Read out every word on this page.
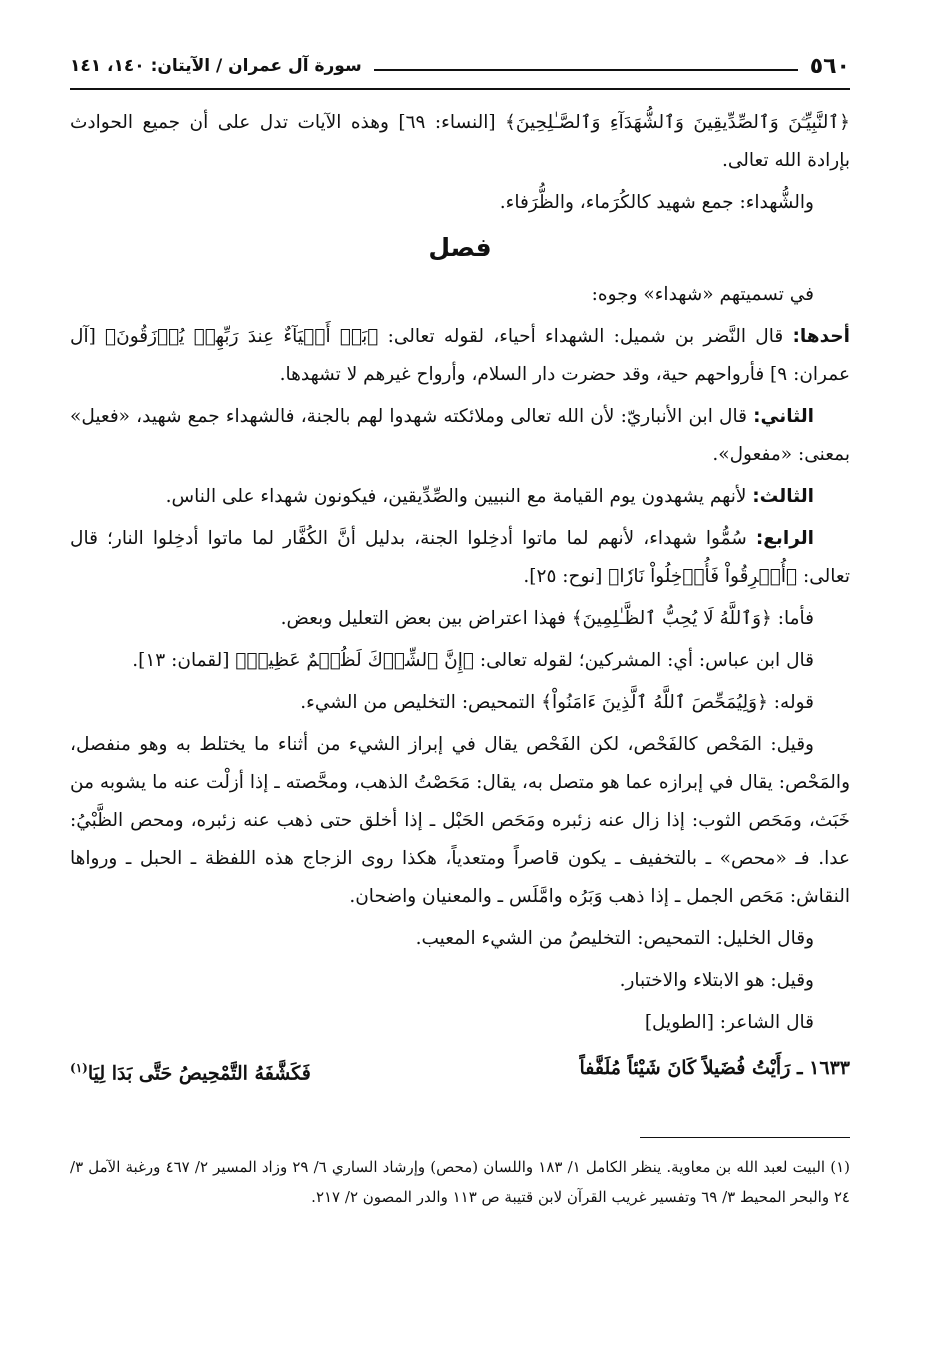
٥٦٠
سورة آل عمران / الآيتان: ١٤٠، ١٤١

﴿ٱلنَّبِيِّـۧنَ وَٱلصِّدِّيقِينَ وَٱلشُّهَدَآءِ وَٱلصَّـٰلِحِينَ﴾ [النساء: ٦٩] وهذه الآيات تدل على أن جميع الحوادث بإرادة الله تعالى.

والشُّهداء: جمع شهيد كالكُرَماء، والظُّرَفاء.

فصل

في تسميتهم «شهداء» وجوه:

أحدها: قال النَّضر بن شميل: الشهداء أحياء، لقوله تعالى: ﴿بَلۡ أَحۡيَآءٌ عِندَ رَبِّهِمۡ يُرۡزَقُونَ﴾ [آل عمران: ٩] فأرواحهم حية، وقد حضرت دار السلام، وأرواح غيرهم لا تشهدها.

الثاني: قال ابن الأنباريّ: لأن الله تعالى وملائكته شهدوا لهم بالجنة، فالشهداء جمع شهيد، «فعيل» بمعنى: «مفعول».

الثالث: لأنهم يشهدون يوم القيامة مع النبيين والصِّدِّيقين، فيكونون شهداء على الناس.

الرابع: سُمُّوا شهداء، لأنهم لما ماتوا أدخِلوا الجنة، بدليل أنَّ الكُفَّار لما ماتوا أدخِلوا النار؛ قال تعالى: ﴿أُغۡرِقُواْ فَأُدۡخِلُواْ نَارٗا﴾ [نوح: ٢٥].

فأما: ﴿وَٱللَّهُ لَا يُحِبُّ ٱلظَّـٰلِمِينَ﴾ فهذا اعتراض بين بعض التعليل وبعض.

قال ابن عباس: أي: المشركين؛ لقوله تعالى: ﴿إِنَّ ٱلشِّرۡكَ لَظُلۡمٌ عَظِيمٞ﴾ [لقمان: ١٣].

قوله: ﴿وَلِيُمَحِّصَ ٱللَّهُ ٱلَّذِينَ ءَامَنُواْ﴾ التمحيص: التخليص من الشيء.

وقيل: المَحْص كالفَحْص، لكن الفَحْص يقال في إبراز الشيء من أثناء ما يختلط به وهو منفصل، والمَحْص: يقال في إبرازه عما هو متصل به، يقال: مَحَصْتُ الذهب، ومحَّصته ـ إذا أزلْت عنه ما يشوبه من خَبَث، ومَحَص الثوب: إذا زال عنه زئبره ومَحَص الحَبْل ـ إذا أخلق حتى ذهب عنه زئبره، ومحص الظَّبْيُ: عدا. فـ «محص» ـ بالتخفيف ـ يكون قاصراً ومتعدياً، هكذا روى الزجاج هذه اللفظة ـ الحبل ـ ورواها النقاش: مَحَص الجمل ـ إذا ذهب وَبَرُه وامَّلَس ـ والمعنيان واضحان.

وقال الخليل: التمحيص: التخليصُ من الشيء المعيب.

وقيل: هو الابتلاء والاختبار.

قال الشاعر: [الطويل]

١٦٣٣ ـ رَأَيْتُ فُضَيلاً كَانَ شَيْئاً مُلَفَّفاً
فَكَشَّفَهُ التَّمْحِيصُ حَتَّى بَدَا لِيَا$^{(١)}$

(١) البيت لعبد الله بن معاوية. ينظر الكامل ١/ ١٨٣ واللسان (محص) وإرشاد الساري ٦/ ٢٩ وزاد المسير ٢/ ٤٦٧ ورغبة الآمل ٣/ ٢٤ والبحر المحيط ٣/ ٦٩ وتفسير غريب القرآن لابن قتيبة ص ١١٣ والدر المصون ٢/ ٢١٧.
